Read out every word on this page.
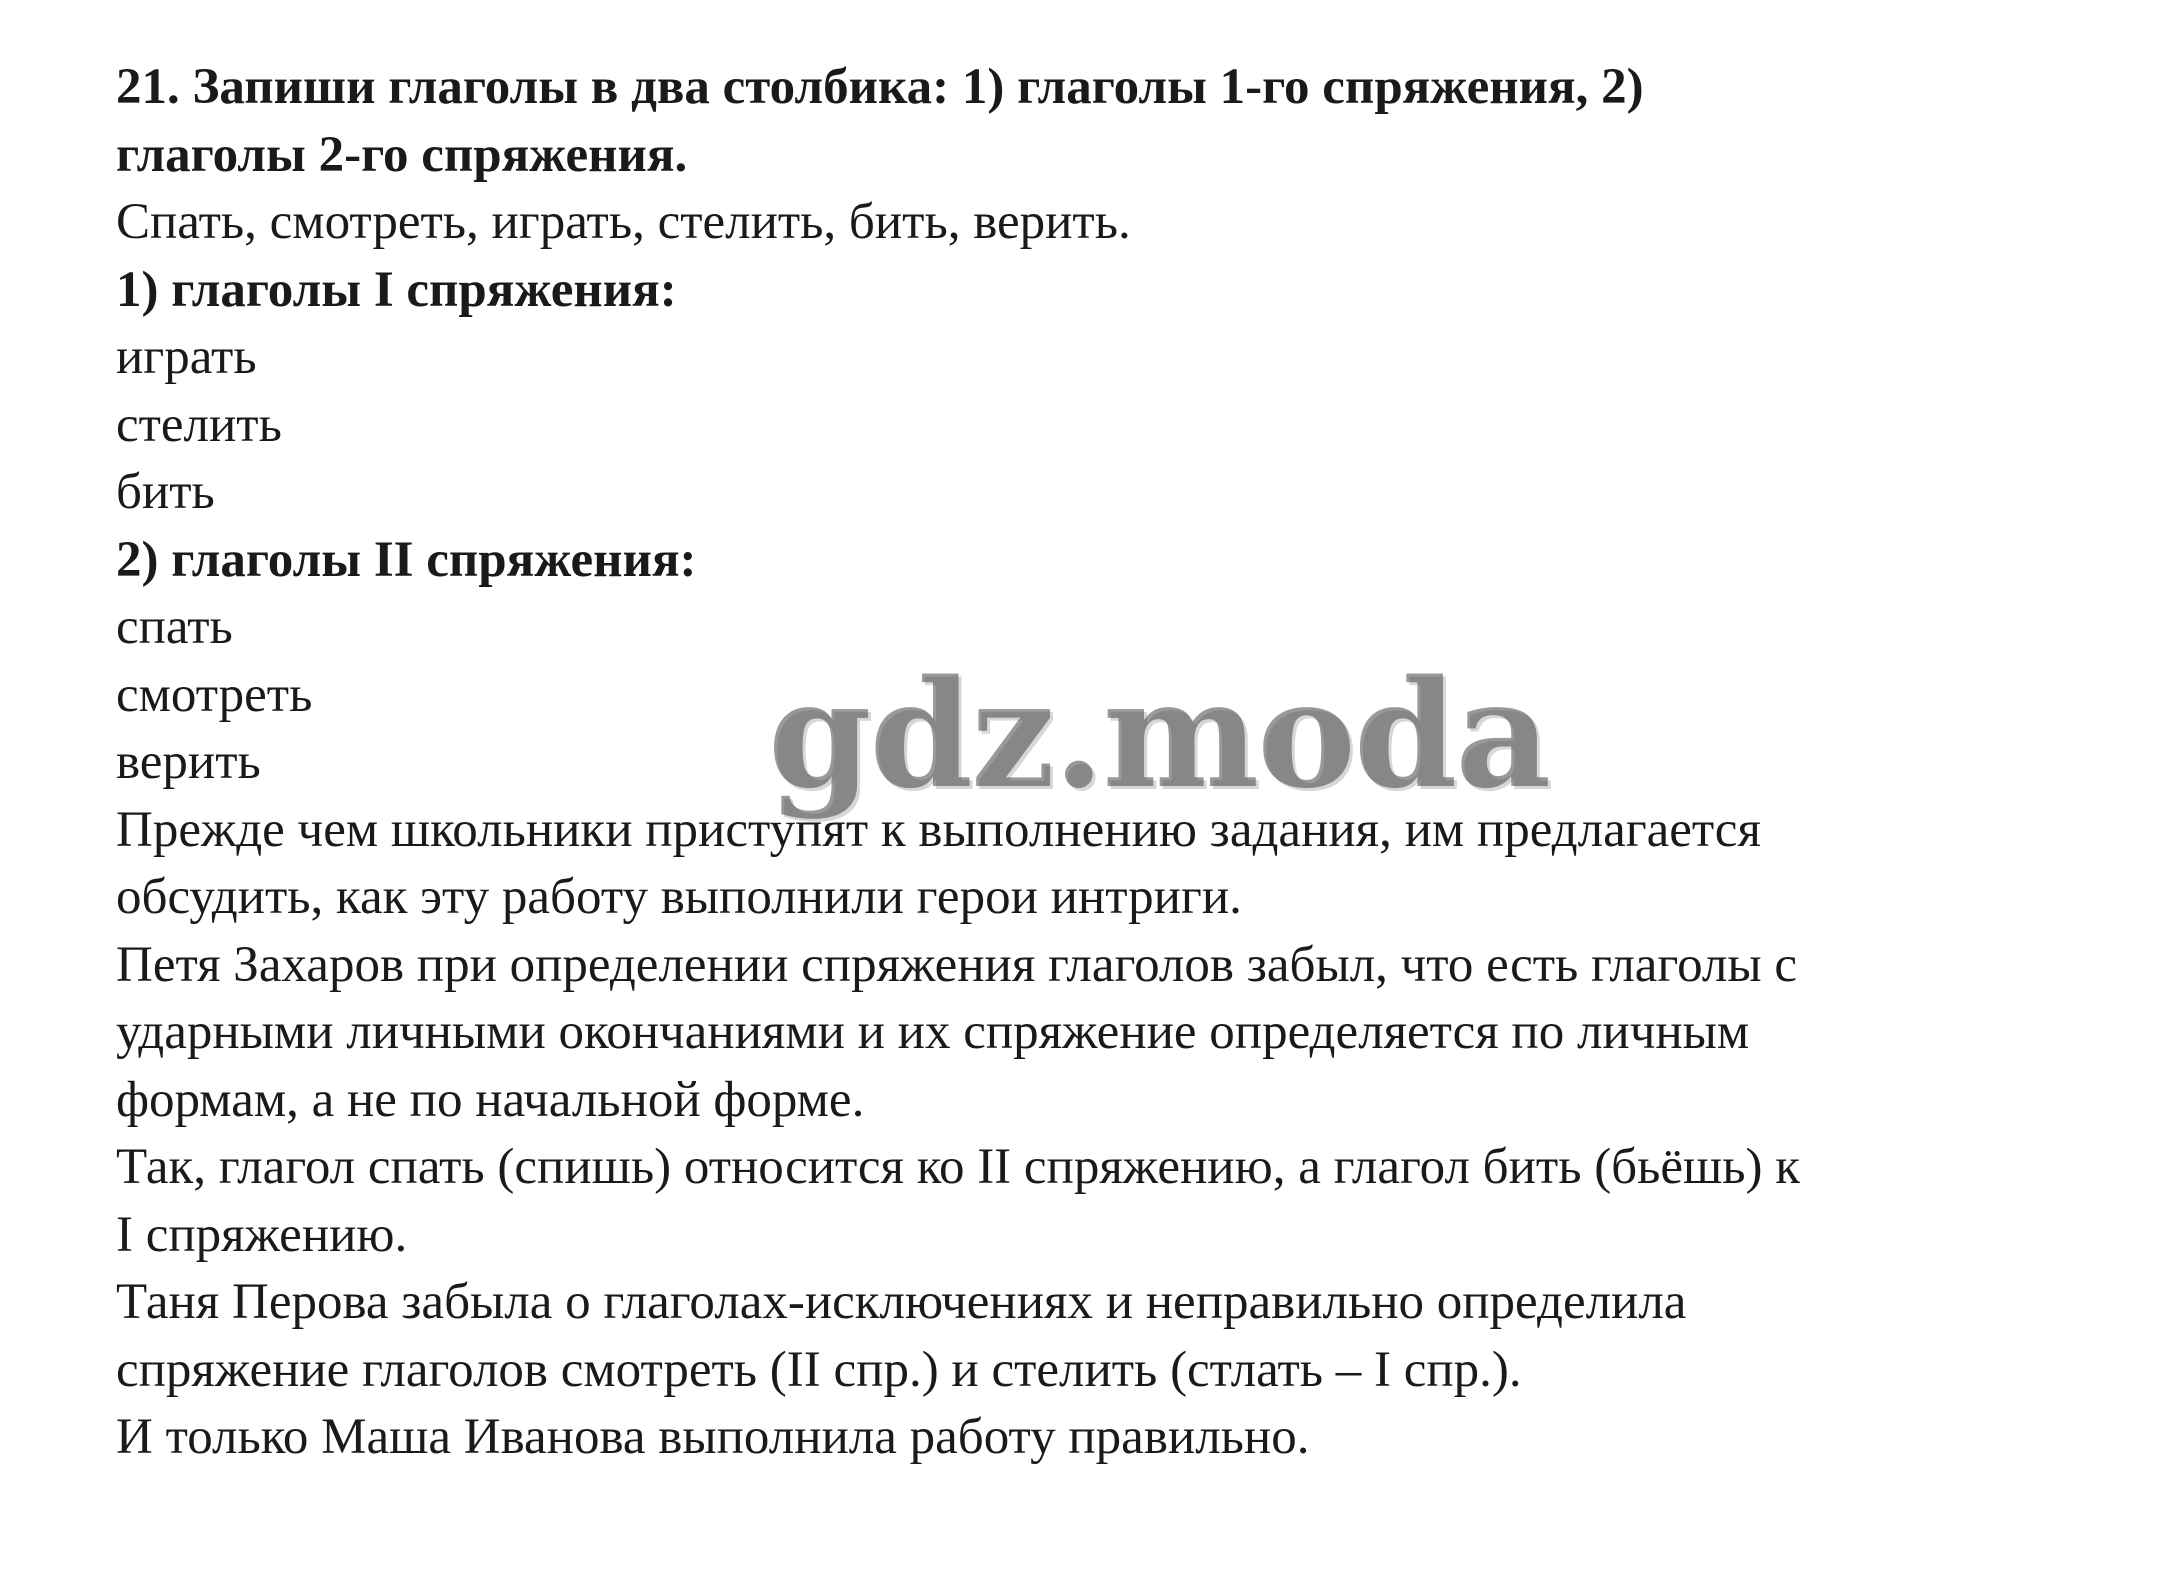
21. Запиши глаголы в два столбика: 1) глаголы 1-го спряжения, 2)

глаголы 2-го спряжения.

Спать, смотреть, играть, стелить, бить, верить.

1) глаголы I спряжения:

играть

стелить

бить

2) глаголы II спряжения:

спать

смотреть

верить

Прежде чем школьники приступят к выполнению задания, им предлагается

обсудить, как эту работу выполнили герои интриги.

Петя Захаров при определении спряжения глаголов забыл, что есть глаголы с

ударными личными окончаниями и их спряжение определяется по личным

формам, а не по начальной форме.

Так, глагол спать (спишь) относится ко II спряжению, а глагол бить (бьёшь) к

I спряжению.

Таня Перова забыла о глаголах-исключениях и неправильно определила

спряжение глаголов смотреть (II спр.) и стелить (стлать – I спр.).

И только Маша Иванова выполнила работу правильно.

gdz.moda
